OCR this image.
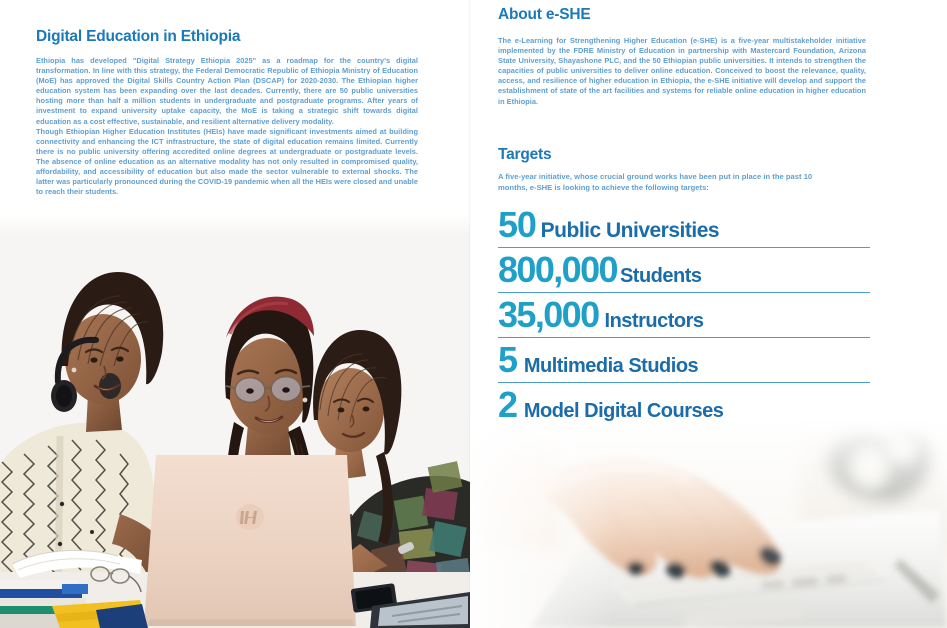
Digital Education in Ethiopia

Ethiopia has developed "Digital Strategy Ethiopia 2025" as a roadmap for the country's digital transformation. In line with this strategy, the Federal Democratic Republic of Ethiopia Ministry of Education (MoE) has approved the Digital Skills Country Action Plan (DSCAP) for 2020-2030. The Ethiopian higher education system has been expanding over the last decades. Currently, there are 50 public universities hosting more than half a million students in undergraduate and postgraduate programs. After years of investment to expand university uptake capacity, the MoE is taking a strategic shift towards digital education as a cost effective, sustainable, and resilient alternative delivery modality.

Though Ethiopian Higher Education Institutes (HEIs) have made significant investments aimed at building connectivity and enhancing the ICT infrastructure, the state of digital education remains limited. Currently there is no public university offering accredited online degrees at undergraduate or postgraduate levels. The absence of online education as an alternative modality has not only resulted in compromised quality, affordability, and accessibility of education but also made the sector vulnerable to external shocks. The latter was particularly pronounced during the COVID-19 pandemic when all the HEIs were closed and unable to reach their students.

About e-SHE

The e-Learning for Strengthening Higher Education (e-SHE) is a five-year multistakeholder initiative implemented by the FDRE Ministry of Education in partnership with Mastercard Foundation, Arizona State University, Shayashone PLC, and the 50 Ethiopian public universities. It intends to strengthen the capacities of public universities to deliver online education. Conceived to boost the relevance, quality, access, and resilience of higher education in Ethiopia, the e-SHE initiative will develop and support the establishment of state of the art facilities and systems for reliable online education in higher education in Ethiopia.

Targets

A five-year initiative, whose crucial ground works have been put in place in the past 10 months, e-SHE is looking to achieve the following targets:

50 Public Universities
800,000 Students
35,000 Instructors
5 Multimedia Studios
2 Model Digital Courses
